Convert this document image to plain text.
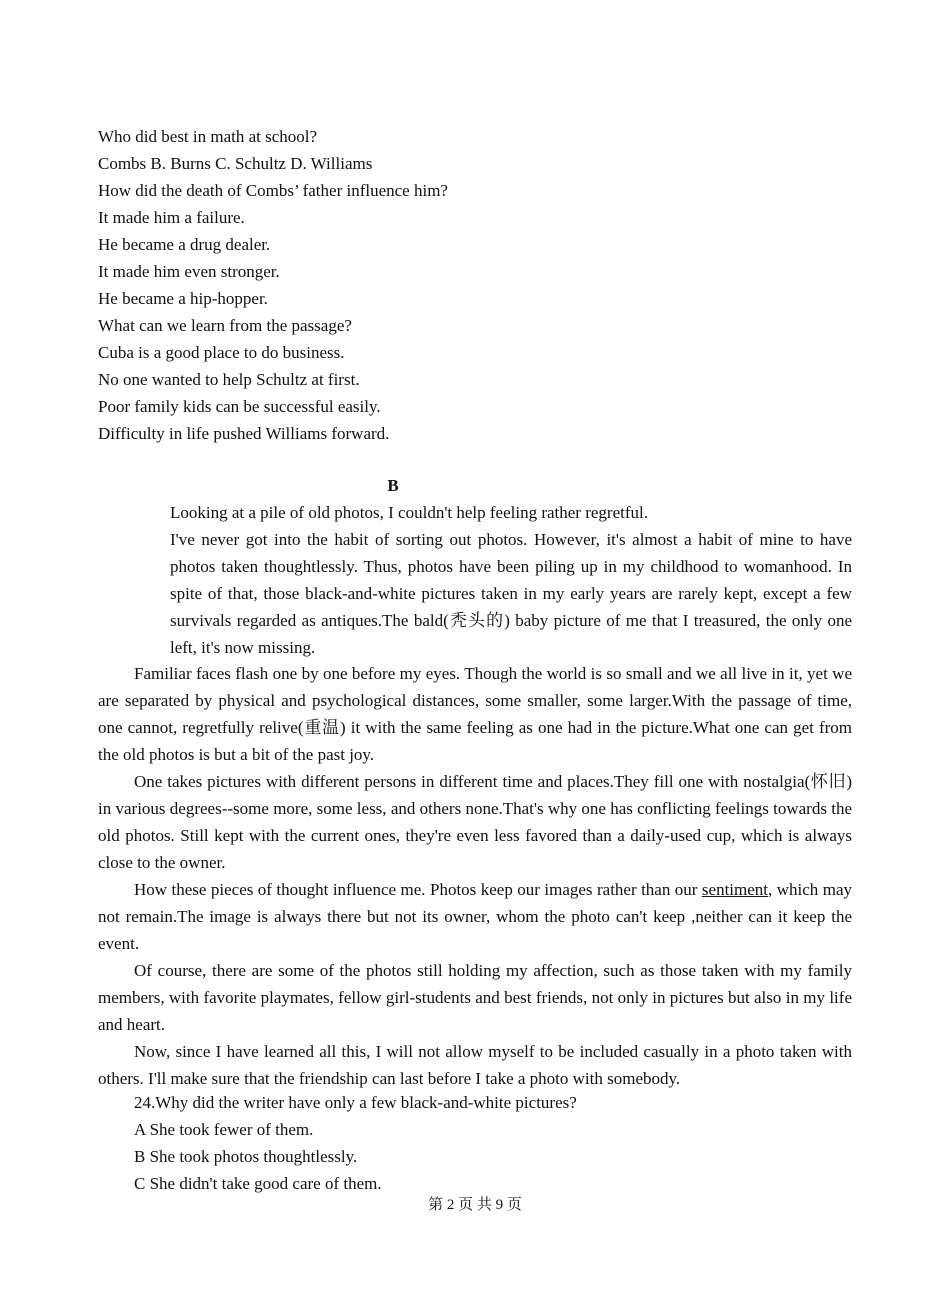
Who did best in math at school?
Combs B. Burns C. Schultz D. Williams
How did the death of Combs’ father influence him?
It made him a failure.
He became a drug dealer.
It made him even stronger.
He became a hip-hopper.
What can we learn from the passage?
Cuba is a good place to do business.
No one wanted to help Schultz at first.
Poor family kids can be successful easily.
Difficulty in life pushed Williams forward.
B

Looking at a pile of old photos, I couldn't help feeling rather regretful.

I've never got into the habit of sorting out photos. However, it's almost a habit of mine to have photos taken thoughtlessly. Thus, photos have been piling up in my childhood to womanhood. In spite of that, those black-and-white pictures taken in my early years are rarely kept, except a few survivals regarded as antiques.The bald(秃头的) baby picture of me that I treasured, the only one left, it's now missing.

Familiar faces flash one by one before my eyes. Though the world is so small and we all live in it, yet we are separated by physical and psychological distances, some smaller, some larger.With the passage of time, one cannot, regretfully relive(重温) it with the same feeling as one had in the picture.What one can get from the old photos is but a bit of the past joy.

One takes pictures with different persons in different time and places.They fill one with nostalgia(怀旧) in various degrees--some more, some less, and others none.That's why one has conflicting feelings towards the old photos. Still kept with the current ones, they're even less favored than a daily-used cup, which is always close to the owner.

How these pieces of thought influence me. Photos keep our images rather than our sentiment, which may not remain.The image is always there but not its owner, whom the photo can't keep ,neither can it keep the event.

Of course, there are some of the photos still holding my affection, such as those taken with my family members, with favorite playmates, fellow girl-students and best friends, not only in pictures but also in my life and heart.

Now, since I have learned all this, I will not allow myself to be included casually in a photo taken with others. I'll make sure that the friendship can last before I take a photo with somebody.

24.Why did the writer have only a few black-and-white pictures?
A She took fewer of them.
B She took photos thoughtlessly.
C She didn't take good care of them.
第 2 页 共 9 页
